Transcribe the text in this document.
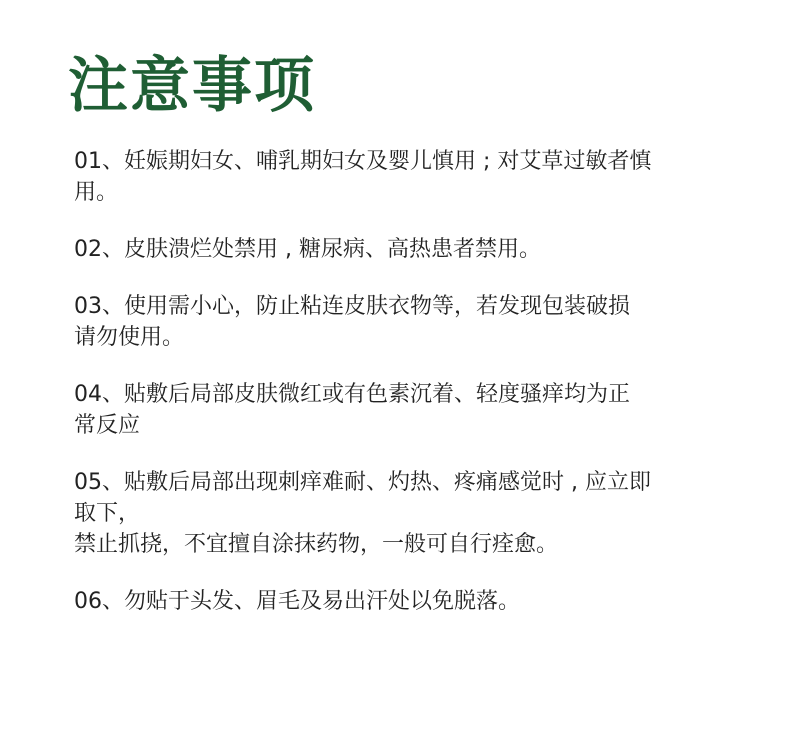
注意事项
01、妊娠期妇女、哺乳期妇女及婴儿慎用 ; 对艾草过敏者慎
用。
02、皮肤溃烂处禁用 , 糖尿病、高热患者禁用。
03、使用需小心，防止粘连皮肤衣物等，若发现包装破损
请勿使用。
04、贴敷后局部皮肤微红或有色素沉着、轻度骚痒均为正
常反应
05、贴敷后局部出现刺痒难耐、灼热、疼痛感觉时 , 应立即
取下，
禁止抓挠，不宜擅自涂抹药物，一般可自行痊愈。
06、勿贴于头发、眉毛及易出汗处以免脱落。
